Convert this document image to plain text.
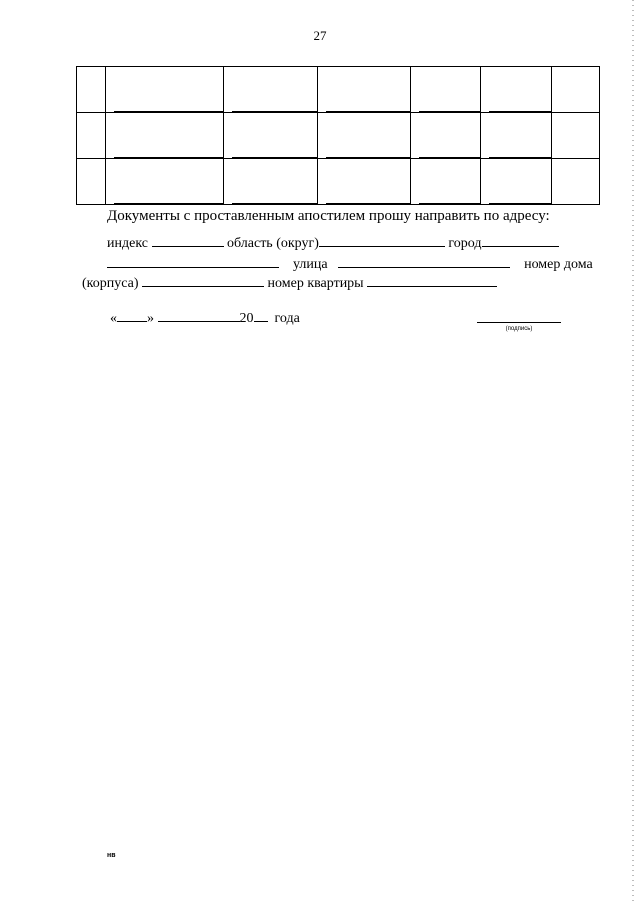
27

Документы с проставленным апостилем прошу направить по адресу:
индекс	область (округ)	город
улица	номер дома
(корпуса)	номер квартиры
« »	20 года
(подпись)
нв
